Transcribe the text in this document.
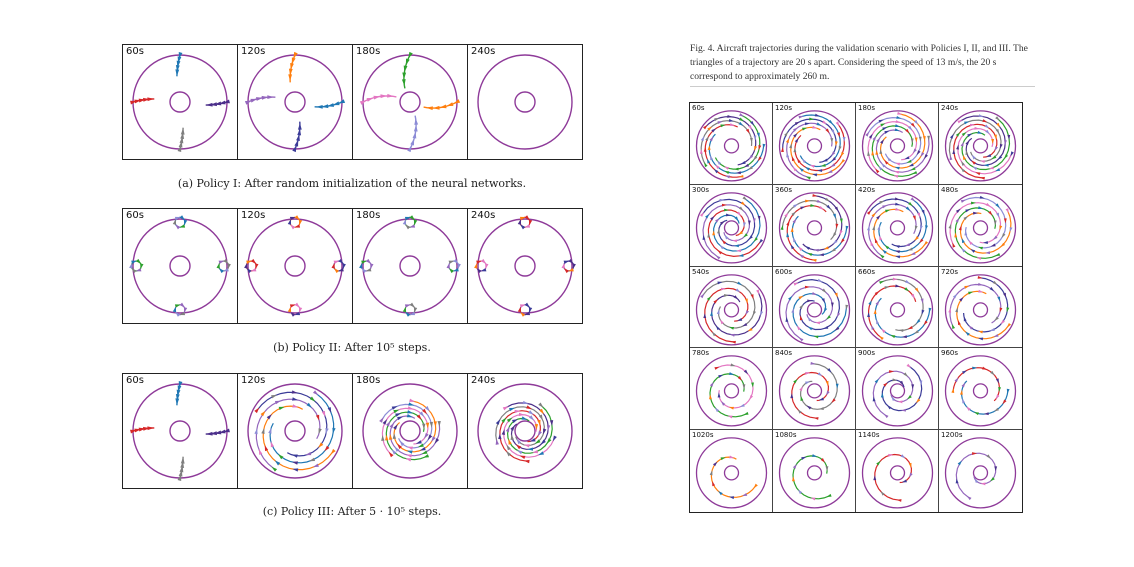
60s	120s	180s	240s
(a) Policy I: After random initialization of the neural networks.
60s	120s	180s	240s
(b) Policy II: After 10⁵ steps.
60s	120s	180s	240s
(c) Policy III: After 5 · 10⁵ steps.
Fig. 4. Aircraft trajectories during the validation scenario with Policies I, II, and III. The triangles of a trajectory are 20 s apart. Considering the speed of 13 m/s, the 20 s correspond to approximately 260 m.
60s	120s	180s	240s
300s	360s	420s	480s
540s	600s	660s	720s
780s	840s	900s	960s
1020s	1080s	1140s	1200s
